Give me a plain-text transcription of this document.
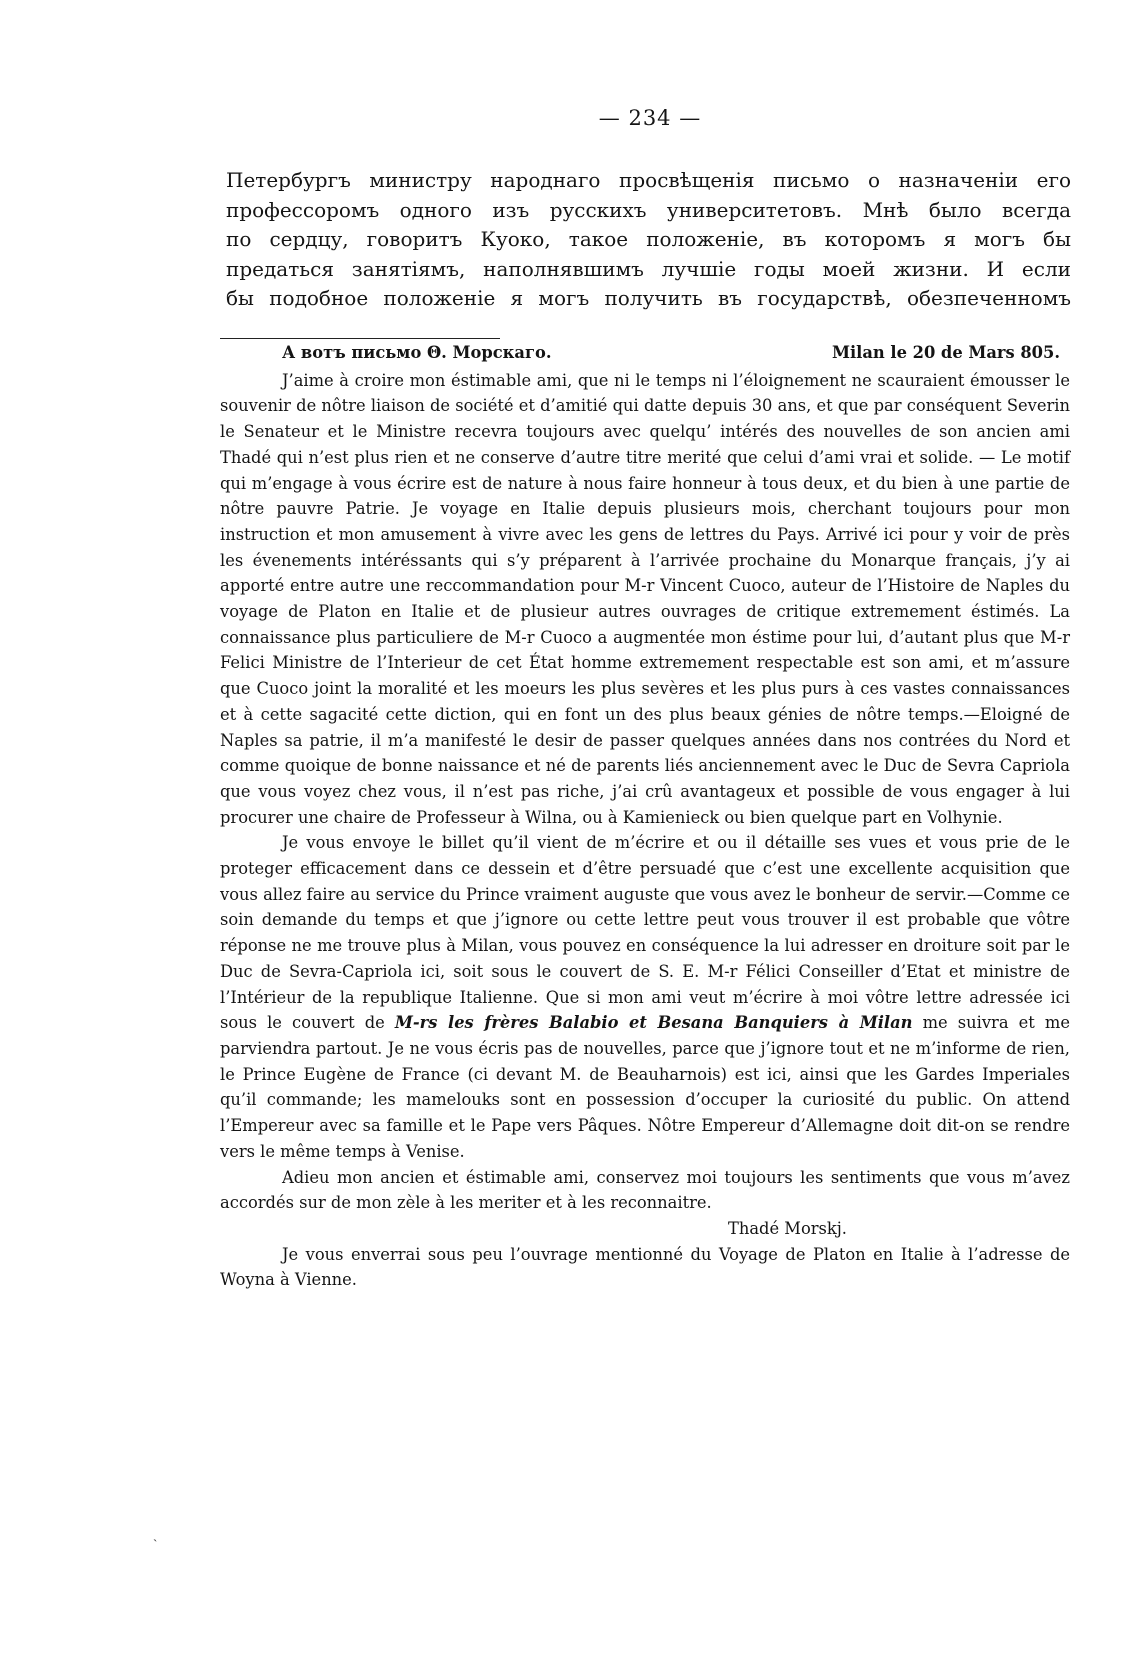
— 234 —
Петербургъ министру народнаго просвѣщенія письмо о назначеніи его
профессоромъ одного изъ русскихъ университетовъ. Мнѣ было всегда
по сердцу, говоритъ Куоко, такое положеніе, въ которомъ я могъ бы
предаться занятіямъ, наполнявшимъ лучшіе годы моей жизни. И если
бы подобное положеніе я могъ получить въ государствѣ, обезпеченномъ
А вотъ письмо Θ. Морскаго.	Milan le 20 de Mars 805.

J’aime à croire mon éstimable ami, que ni le temps ni l’éloignement ne scauraient émousser le souvenir de nôtre liaison de société et d’amitié qui datte depuis 30 ans, et que par conséquent Severin le Senateur et le Ministre recevra toujours avec quelqu’ intérés des nouvelles de son ancien ami Thadé qui n’est plus rien et ne conserve d’autre titre merité que celui d’ami vrai et solide. — Le motif qui m’engage à vous écrire est de nature à nous faire honneur à tous deux, et du bien à une partie de nôtre pauvre Patrie. Je voyage en Italie depuis plusieurs mois, cherchant toujours pour mon instruction et mon amusement à vivre avec les gens de lettres du Pays. Arrivé ici pour y voir de près les évenements intéréssants qui s’y préparent à l’arrivée prochaine du Monarque français, j’y ai apporté entre autre une reccommandation pour M-r Vincent Cuoco, auteur de l’Histoire de Naples du voyage de Platon en Italie et de plusieur autres ouvrages de critique extremement éstimés. La connaissance plus particuliere de M-r Cuoco a augmentée mon éstime pour lui, d’autant plus que M-r Felici Ministre de l’Interieur de cet État homme extremement respectable est son ami, et m’assure que Cuoco joint la moralité et les moeurs les plus sevères et les plus purs à ces vastes connaissances et à cette sagacité cette diction, qui en font un des plus beaux génies de nôtre temps.—Eloigné de Naples sa patrie, il m’a manifesté le desir de passer quelques années dans nos contrées du Nord et comme quoique de bonne naissance et né de parents liés anciennement avec le Duc de Sevra Capriola que vous voyez chez vous, il n’est pas riche, j’ai crû avantageux et possible de vous engager à lui procurer une chaire de Professeur à Wilna, ou à Kamienieck ou bien quelque part en Volhynie.

Je vous envoye le billet qu’il vient de m’écrire et ou il détaille ses vues et vous prie de le proteger efficacement dans ce dessein et d’être persuadé que c’est une excellente acquisition que vous allez faire au service du Prince vraiment auguste que vous avez le bonheur de servir.—Comme ce soin demande du temps et que j’ignore ou cette lettre peut vous trouver il est probable que vôtre réponse ne me trouve plus à Milan, vous pouvez en conséquence la lui adresser en droiture soit par le Duc de Sevra-Capriola ici, soit sous le couvert de S. E. M-r Félici Conseiller d’Etat et ministre de l’Intérieur de la republique Italienne. Que si mon ami veut m’écrire à moi vôtre lettre adressée ici sous le couvert de M-rs les frères Balabio et Besana Banquiers à Milan me suivra et me parviendra partout. Je ne vous écris pas de nouvelles, parce que j’ignore tout et ne m’informe de rien, le Prince Eugène de France (ci devant M. de Beauharnois) est ici, ainsi que les Gardes Imperiales qu’il commande; les mamelouks sont en possession d’occuper la curiosité du public. On attend l’Empereur avec sa famille et le Pape vers Pâques. Nôtre Empereur d’Allemagne doit dit-on se rendre vers le même temps à Venise.

Adieu mon ancien et éstimable ami, conservez moi toujours les sentiments que vous m’avez accordés sur de mon zèle à les meriter et à les reconnaitre.

Thadé Morskj.

Je vous enverrai sous peu l’ouvrage mentionné du Voyage de Platon en Italie à l’adresse de Woyna à Vienne.

ˎ
